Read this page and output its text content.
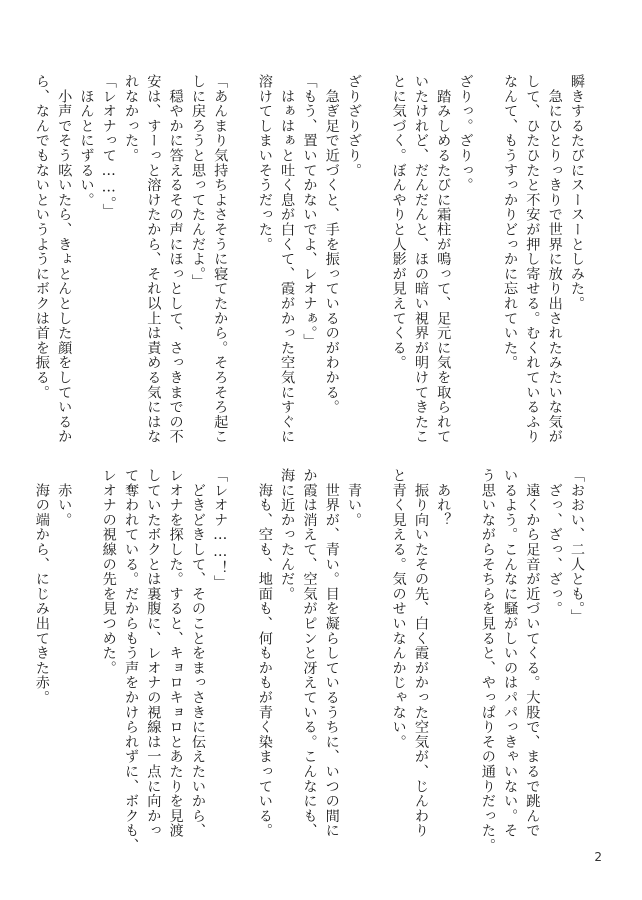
瞬きするたびにスースーとしみた。
　急にひとりっきりで世界に放り出されたみたいな気が
して、ひたひたと不安が押し寄せる。むくれているふり
なんて、もうすっかりどっかに忘れていた。
ざりっ。ざりっ。
　踏みしめるたびに霜柱が鳴って、足元に気を取られて
いたけれど、だんだんと、ほの暗い視界が明けてきたこ
とに気づく。ぼんやりと人影が見えてくる。
ざりざりざり。
　急ぎ足で近づくと、手を振っているのがわかる。
「もう、置いてかないでよ、レオナぁ。」
　はぁはぁと吐く息が白くて、霞がかった空気にすぐに
溶けてしまいそうだった。
「あんまり気持ちよさそうに寝てたから。そろそろ起こ
しに戻ろうと思ってたんだよ。」
　穏やかに答えるその声にほっとして、さっきまでの不
安は、すーっと溶けたから、それ以上は責める気にはな
れなかった。
「レオナって……。」
　ほんとにずるい。
　小声でそう呟いたら、きょとんとした顔をしているか
ら、なんでもないというようにボクは首を振る。
「おおい、二人とも。」
　ざっ、ざっ、ざっ。
　遠くから足音が近づいてくる。大股で、まるで跳んで
いるよう。こんなに騒がしいのはパパっきゃいない。そ
う思いながらそちらを見ると、やっぱりその通りだった。
　あれ？
　振り向いたその先、白く霞がかった空気が、じんわり
と青く見える。気のせいなんかじゃない。
　青い。
　世界が、青い。目を凝らしているうちに、いつの間に
か霞は消えて、空気がピンと冴えている。こんなにも、
海に近かったんだ。
　海も、空も、地面も、何もかもが青く染まっている。
「レオナ……！」
　どきどきして、そのことをまっさきに伝えたいから、
レオナを探した。すると、キョロキョロとあたりを見渡
していたボクとは裏腹に、レオナの視線は一点に向かっ
て奪われている。だからもう声をかけられずに、ボクも、
レオナの視線の先を見つめた。
　赤い。
　海の端から、にじみ出てきた赤。
2
